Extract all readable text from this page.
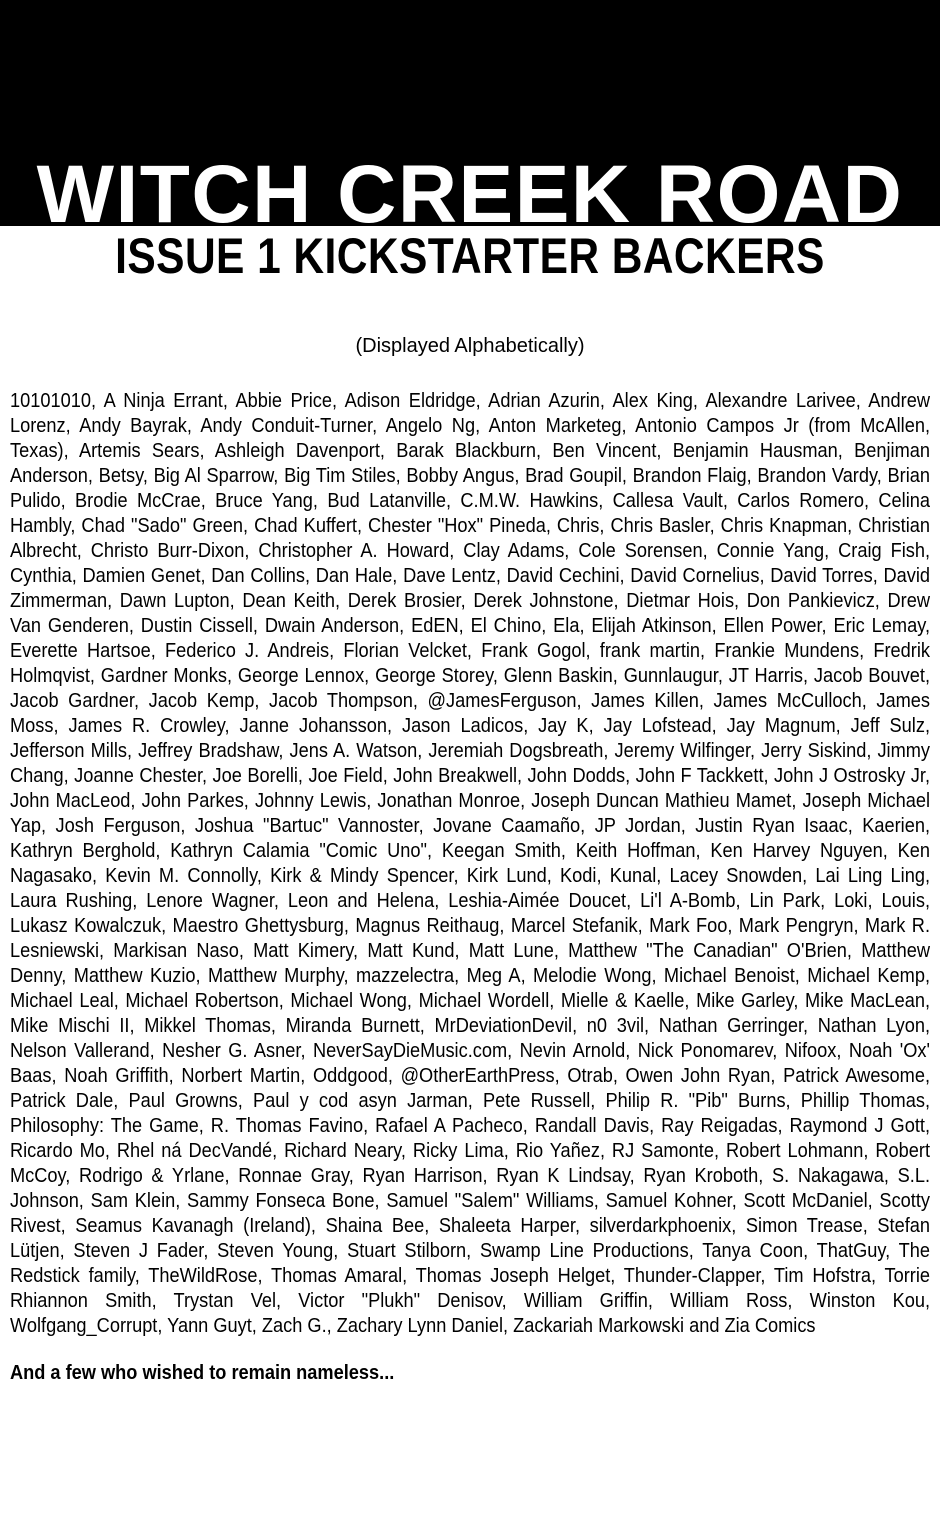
WITCH CREEK ROAD
ISSUE 1 KICKSTARTER BACKERS

(Displayed Alphabetically)

10101010, A Ninja Errant, Abbie Price, Adison Eldridge, Adrian Azurin, Alex King, Alexandre Larivee, Andrew Lorenz, Andy Bayrak, Andy Conduit-Turner, Angelo Ng, Anton Marketeg, Antonio Campos Jr (from McAllen, Texas), Artemis Sears, Ashleigh Davenport, Barak Blackburn, Ben Vincent, Benjamin Hausman, Benjiman Anderson, Betsy, Big Al Sparrow, Big Tim Stiles, Bobby Angus, Brad Goupil, Brandon Flaig, Brandon Vardy, Brian Pulido, Brodie McCrae, Bruce Yang, Bud Latanville, C.M.W. Hawkins, Callesa Vault, Carlos Romero, Celina Hambly, Chad "Sado" Green, Chad Kuffert, Chester "Hox" Pineda, Chris, Chris Basler, Chris Knapman, Christian Albrecht, Christo Burr-Dixon, Christopher A. Howard, Clay Adams, Cole Sorensen, Connie Yang, Craig Fish, Cynthia, Damien Genet, Dan Collins, Dan Hale, Dave Lentz, David Cechini, David Cornelius, David Torres, David Zimmerman, Dawn Lupton, Dean Keith, Derek Brosier, Derek Johnstone, Dietmar Hois, Don Pankievicz, Drew Van Genderen, Dustin Cissell, Dwain Anderson, EdEN, El Chino, Ela, Elijah Atkinson, Ellen Power, Eric Lemay, Everette Hartsoe, Federico J. Andreis, Florian Velcket, Frank Gogol, frank martin, Frankie Mundens, Fredrik Holmqvist, Gardner Monks, George Lennox, George Storey, Glenn Baskin, Gunnlaugur, JT Harris, Jacob Bouvet, Jacob Gardner, Jacob Kemp, Jacob Thompson, @JamesFerguson, James Killen, James McCulloch, James Moss, James R. Crowley, Janne Johansson, Jason Ladicos, Jay K, Jay Lofstead, Jay Magnum, Jeff Sulz, Jefferson Mills, Jeffrey Bradshaw, Jens A. Watson, Jeremiah Dogsbreath, Jeremy Wilfinger, Jerry Siskind, Jimmy Chang, Joanne Chester, Joe Borelli, Joe Field, John Breakwell, John Dodds, John F Tackkett, John J Ostrosky Jr, John MacLeod, John Parkes, Johnny Lewis, Jonathan Monroe, Joseph Duncan Mathieu Mamet, Joseph Michael Yap, Josh Ferguson, Joshua "Bartuc" Vannoster, Jovane Caamaño, JP Jordan, Justin Ryan Isaac, Kaerien, Kathryn Berghold, Kathryn Calamia "Comic Uno", Keegan Smith, Keith Hoffman, Ken Harvey Nguyen, Ken Nagasako, Kevin M. Connolly, Kirk & Mindy Spencer, Kirk Lund, Kodi, Kunal, Lacey Snowden, Lai Ling Ling, Laura Rushing, Lenore Wagner, Leon and Helena, Leshia-Aimée Doucet, Li'l A-Bomb, Lin Park, Loki, Louis, Lukasz Kowalczuk, Maestro Ghettysburg, Magnus Reithaug, Marcel Stefanik, Mark Foo, Mark Pengryn, Mark R. Lesniewski, Markisan Naso, Matt Kimery, Matt Kund, Matt Lune, Matthew "The Canadian" O'Brien, Matthew Denny, Matthew Kuzio, Matthew Murphy, mazzelectra, Meg A, Melodie Wong, Michael Benoist, Michael Kemp, Michael Leal, Michael Robertson, Michael Wong, Michael Wordell, Mielle & Kaelle, Mike Garley, Mike MacLean, Mike Mischi II, Mikkel Thomas, Miranda Burnett, MrDeviationDevil, n0 3vil, Nathan Gerringer, Nathan Lyon, Nelson Vallerand, Nesher G. Asner, NeverSayDieMusic.com, Nevin Arnold, Nick Ponomarev, Nifoox, Noah 'Ox' Baas, Noah Griffith, Norbert Martin, Oddgood, @OtherEarthPress, Otrab, Owen John Ryan, Patrick Awesome, Patrick Dale, Paul Growns, Paul y cod asyn Jarman, Pete Russell, Philip R. "Pib" Burns, Phillip Thomas, Philosophy: The Game, R. Thomas Favino, Rafael A Pacheco, Randall Davis, Ray Reigadas, Raymond J Gott, Ricardo Mo, Rhel ná DecVandé, Richard Neary, Ricky Lima, Rio Yañez, RJ Samonte, Robert Lohmann, Robert McCoy, Rodrigo & Yrlane, Ronnae Gray, Ryan Harrison, Ryan K Lindsay, Ryan Kroboth, S. Nakagawa, S.L. Johnson, Sam Klein, Sammy Fonseca Bone, Samuel "Salem" Williams, Samuel Kohner, Scott McDaniel, Scotty Rivest, Seamus Kavanagh (Ireland), Shaina Bee, Shaleeta Harper, silverdarkphoenix, Simon Trease, Stefan Lütjen, Steven J Fader, Steven Young, Stuart Stilborn, Swamp Line Productions, Tanya Coon, ThatGuy, The Redstick family, TheWildRose, Thomas Amaral, Thomas Joseph Helget, Thunder-Clapper, Tim Hofstra, Torrie Rhiannon Smith, Trystan Vel, Victor "Plukh" Denisov, William Griffin, William Ross, Winston Kou, Wolfgang_Corrupt, Yann Guyt, Zach G., Zachary Lynn Daniel, Zackariah Markowski and Zia Comics

And a few who wished to remain nameless...
